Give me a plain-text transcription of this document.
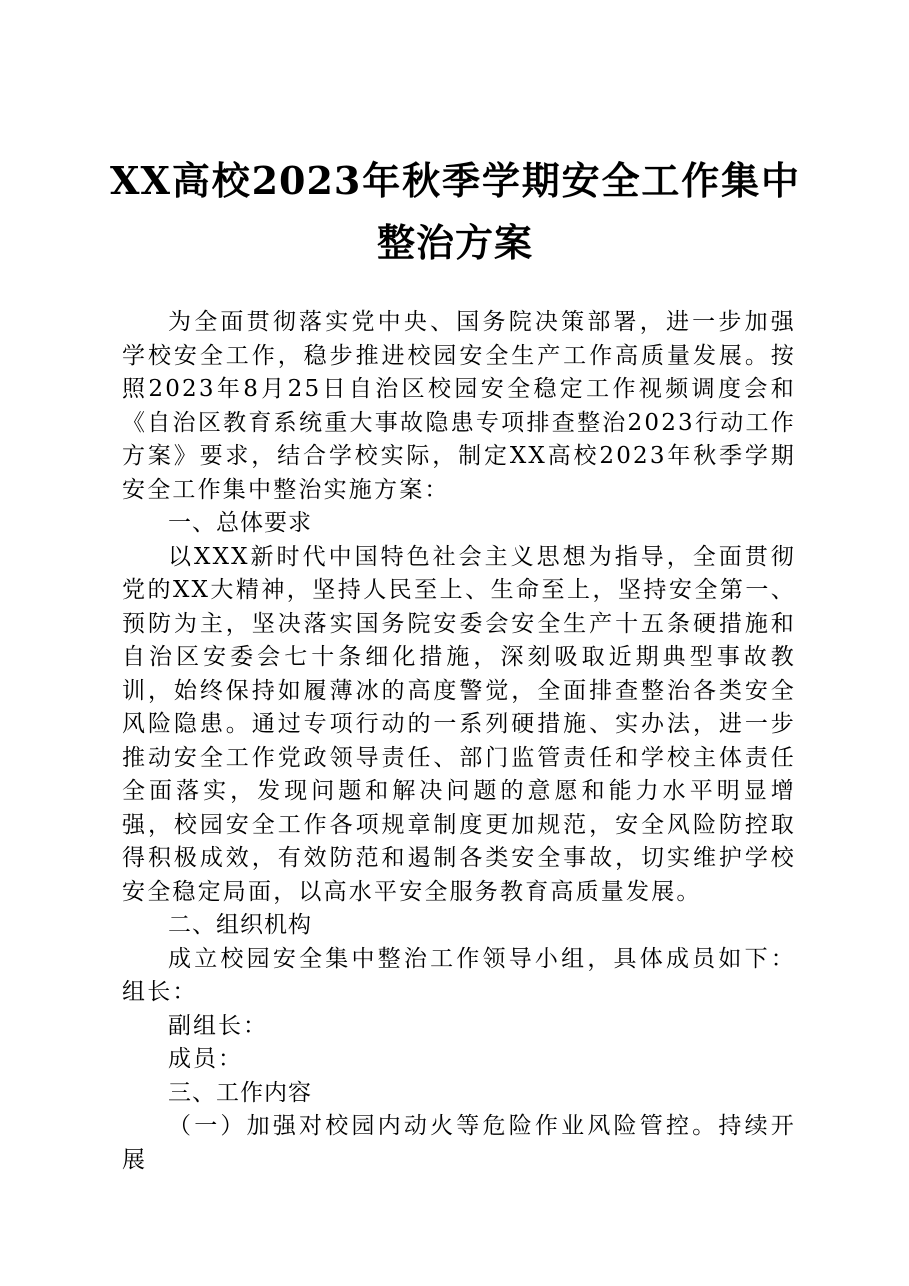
XX高校2023年秋季学期安全工作集中整治方案

为全面贯彻落实党中央、国务院决策部署，进一步加强学校安全工作，稳步推进校园安全生产工作高质量发展。按照2023年8月25日自治区校园安全稳定工作视频调度会和《自治区教育系统重大事故隐患专项排查整治2023行动工作方案》要求，结合学校实际，制定XX高校2023年秋季学期安全工作集中整治实施方案：

一、总体要求

以XXX新时代中国特色社会主义思想为指导，全面贯彻党的XX大精神，坚持人民至上、生命至上，坚持安全第一、预防为主，坚决落实国务院安委会安全生产十五条硬措施和自治区安委会七十条细化措施，深刻吸取近期典型事故教训，始终保持如履薄冰的高度警觉，全面排查整治各类安全风险隐患。通过专项行动的一系列硬措施、实办法，进一步推动安全工作党政领导责任、部门监管责任和学校主体责任全面落实，发现问题和解决问题的意愿和能力水平明显增强，校园安全工作各项规章制度更加规范，安全风险防控取得积极成效，有效防范和遏制各类安全事故，切实维护学校安全稳定局面，以高水平安全服务教育高质量发展。

二、组织机构

成立校园安全集中整治工作领导小组，具体成员如下：组长：

副组长：

成员：

三、工作内容

（一）加强对校园内动火等危险作业风险管控。持续开展
